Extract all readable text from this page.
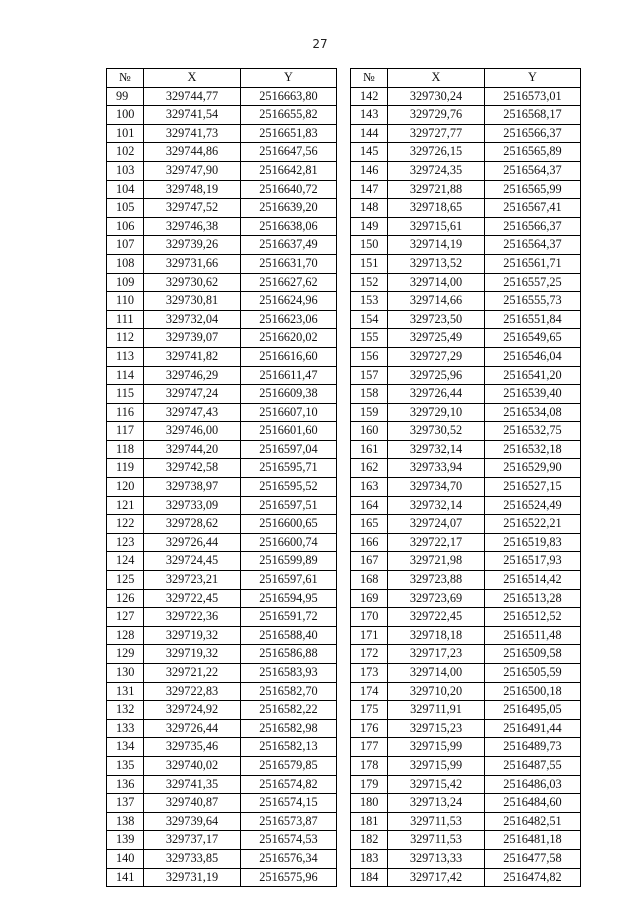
27
№	X	Y		№	X	Y
99	329744,77	2516663,80		142	329730,24	2516573,01
100	329741,54	2516655,82		143	329729,76	2516568,17
101	329741,73	2516651,83		144	329727,77	2516566,37
102	329744,86	2516647,56		145	329726,15	2516565,89
103	329747,90	2516642,81		146	329724,35	2516564,37
104	329748,19	2516640,72		147	329721,88	2516565,99
105	329747,52	2516639,20		148	329718,65	2516567,41
106	329746,38	2516638,06		149	329715,61	2516566,37
107	329739,26	2516637,49		150	329714,19	2516564,37
108	329731,66	2516631,70		151	329713,52	2516561,71
109	329730,62	2516627,62		152	329714,00	2516557,25
110	329730,81	2516624,96		153	329714,66	2516555,73
111	329732,04	2516623,06		154	329723,50	2516551,84
112	329739,07	2516620,02		155	329725,49	2516549,65
113	329741,82	2516616,60		156	329727,29	2516546,04
114	329746,29	2516611,47		157	329725,96	2516541,20
115	329747,24	2516609,38		158	329726,44	2516539,40
116	329747,43	2516607,10		159	329729,10	2516534,08
117	329746,00	2516601,60		160	329730,52	2516532,75
118	329744,20	2516597,04		161	329732,14	2516532,18
119	329742,58	2516595,71		162	329733,94	2516529,90
120	329738,97	2516595,52		163	329734,70	2516527,15
121	329733,09	2516597,51		164	329732,14	2516524,49
122	329728,62	2516600,65		165	329724,07	2516522,21
123	329726,44	2516600,74		166	329722,17	2516519,83
124	329724,45	2516599,89		167	329721,98	2516517,93
125	329723,21	2516597,61		168	329723,88	2516514,42
126	329722,45	2516594,95		169	329723,69	2516513,28
127	329722,36	2516591,72		170	329722,45	2516512,52
128	329719,32	2516588,40		171	329718,18	2516511,48
129	329719,32	2516586,88		172	329717,23	2516509,58
130	329721,22	2516583,93		173	329714,00	2516505,59
131	329722,83	2516582,70		174	329710,20	2516500,18
132	329724,92	2516582,22		175	329711,91	2516495,05
133	329726,44	2516582,98		176	329715,23	2516491,44
134	329735,46	2516582,13		177	329715,99	2516489,73
135	329740,02	2516579,85		178	329715,99	2516487,55
136	329741,35	2516574,82		179	329715,42	2516486,03
137	329740,87	2516574,15		180	329713,24	2516484,60
138	329739,64	2516573,87		181	329711,53	2516482,51
139	329737,17	2516574,53		182	329711,53	2516481,18
140	329733,85	2516576,34		183	329713,33	2516477,58
141	329731,19	2516575,96		184	329717,42	2516474,82
